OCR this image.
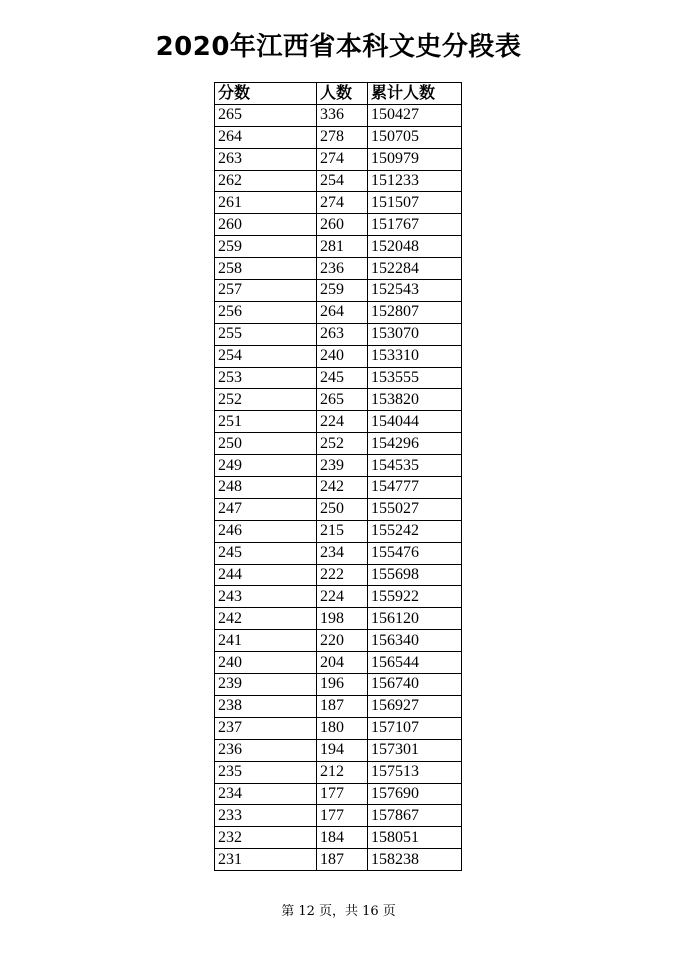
2020年江西省本科文史分段表
分数	人数	累计人数
265	336	150427
264	278	150705
263	274	150979
262	254	151233
261	274	151507
260	260	151767
259	281	152048
258	236	152284
257	259	152543
256	264	152807
255	263	153070
254	240	153310
253	245	153555
252	265	153820
251	224	154044
250	252	154296
249	239	154535
248	242	154777
247	250	155027
246	215	155242
245	234	155476
244	222	155698
243	224	155922
242	198	156120
241	220	156340
240	204	156544
239	196	156740
238	187	156927
237	180	157107
236	194	157301
235	212	157513
234	177	157690
233	177	157867
232	184	158051
231	187	158238
第 12 页，共 16 页
